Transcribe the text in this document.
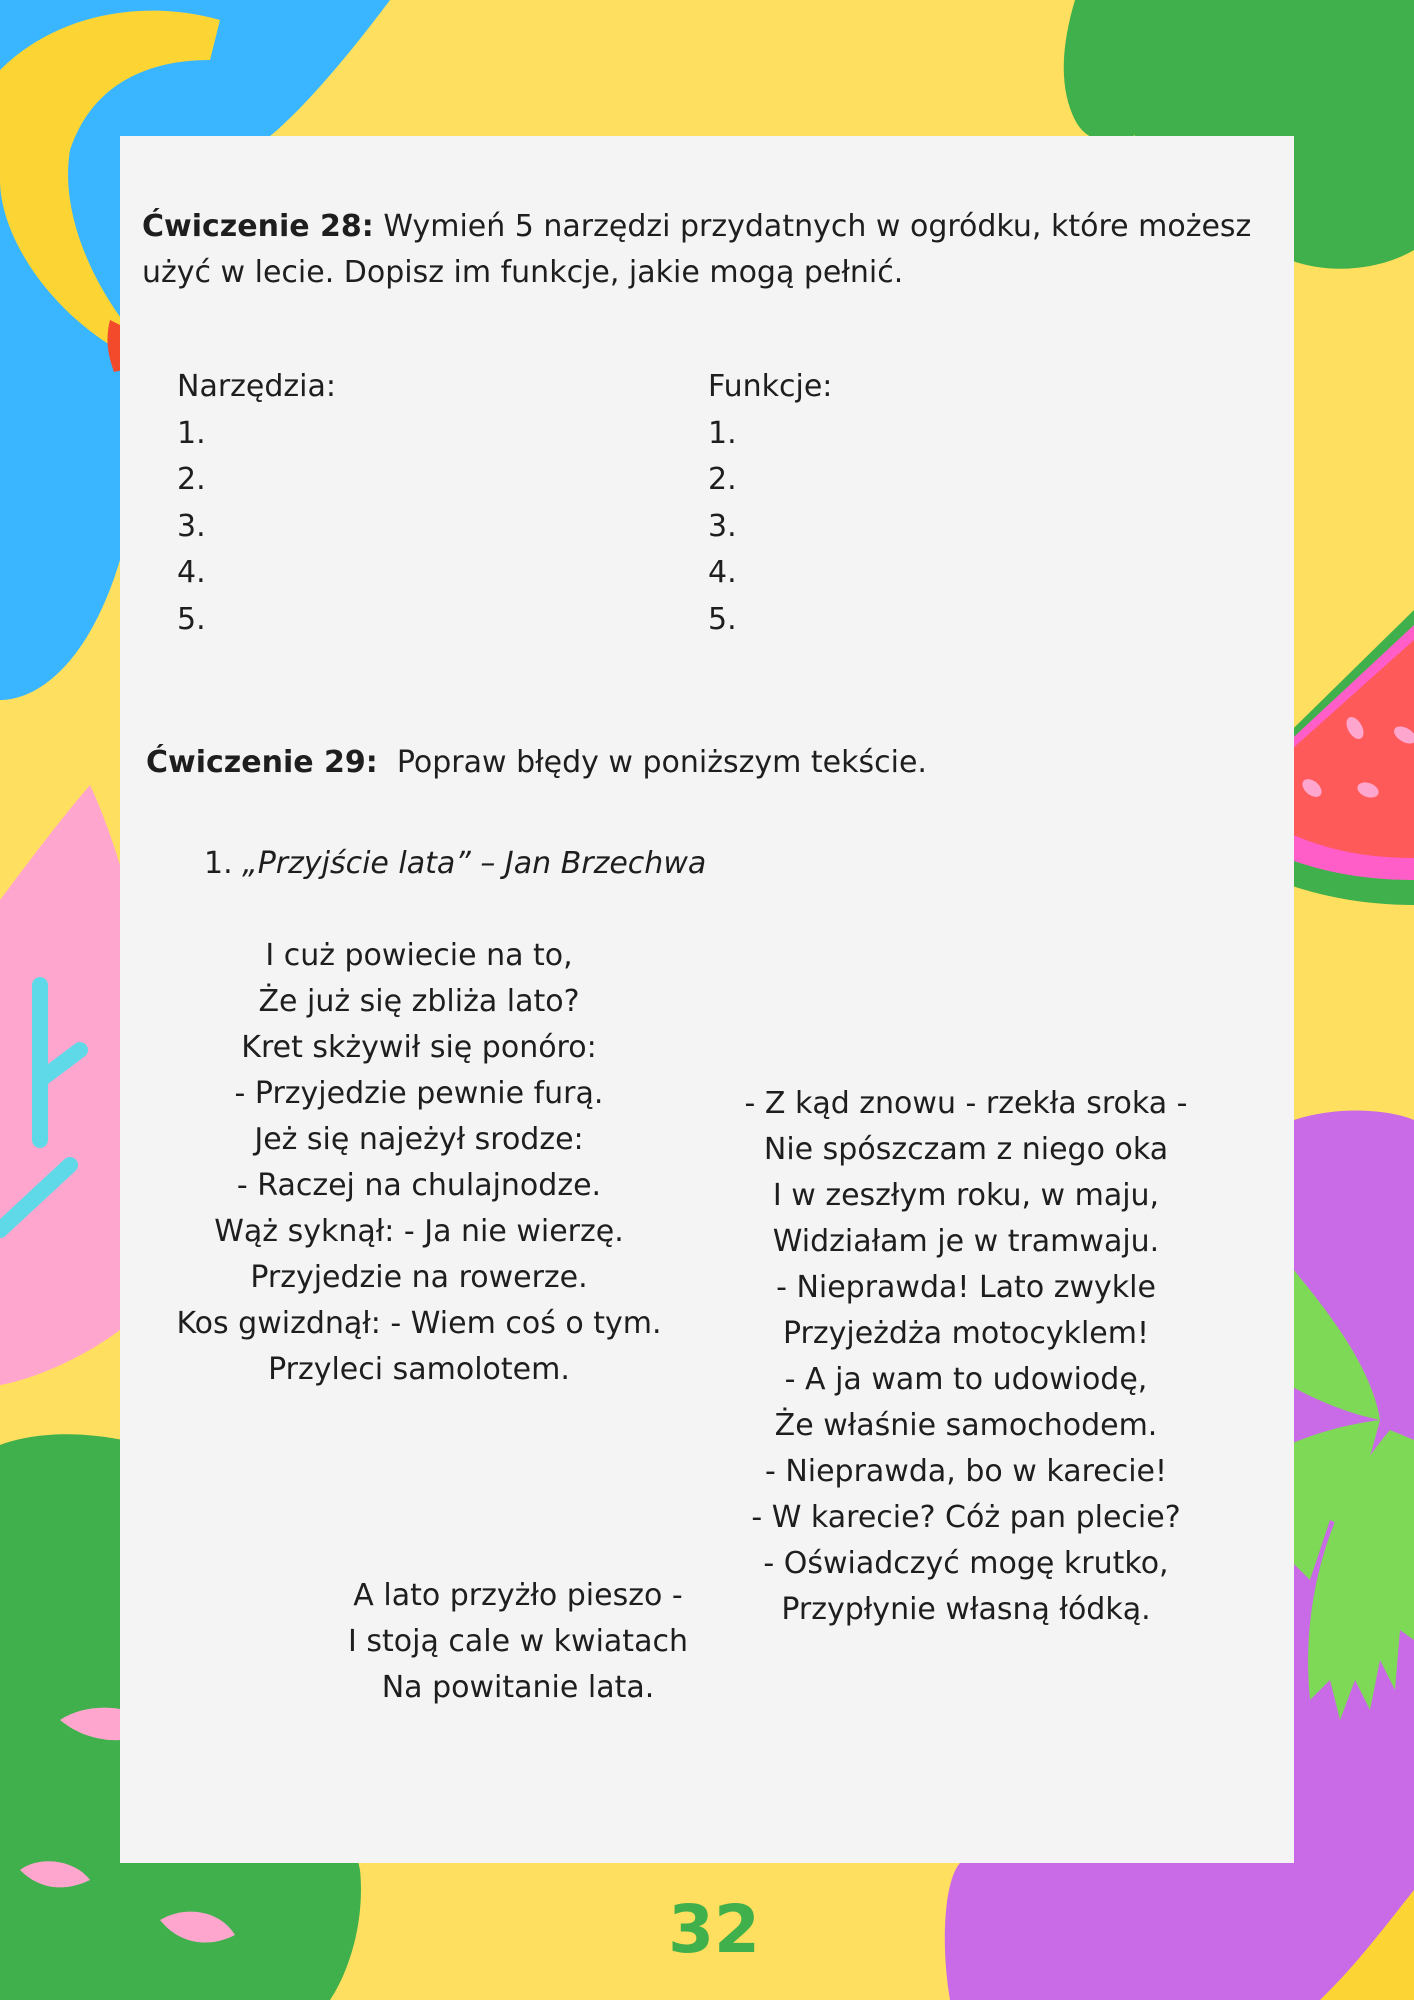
Ćwiczenie 28: Wymień 5 narzędzi przydatnych w ogródku, które możesz użyć w lecie. Dopisz im funkcje, jakie mogą pełnić.

Narzędzia:
1.
2.
3.
4.
5.
Funkcje:
1.
2.
3.
4.
5.

Ćwiczenie 29:  Popraw błędy w poniższym tekście.

1. „Przyjście lata” – Jan Brzechwa
I cuż powiecie na to,
Że już się zbliża lato?
Kret skżywił się ponóro:
- Przyjedzie pewnie furą.
Jeż się najeżył srodze:
- Raczej na chulajnodze.
Wąż syknął: - Ja nie wierzę.
Przyjedzie na rowerze.
Kos gwizdnął: - Wiem coś o tym.
Przyleci samolotem.
- Z kąd znowu - rzekła sroka -
Nie spószczam z niego oka
I w zeszłym roku, w maju,
Widziałam je w tramwaju.
- Nieprawda! Lato zwykle
Przyjeżdża motocyklem!
- A ja wam to udowiodę,
Że właśnie samochodem.
- Nieprawda, bo w karecie!
- W karecie? Cóż pan plecie?
- Oświadczyć mogę krutko,
Przypłynie własną łódką.
A lato przyżło pieszo -
I stoją cale w kwiatach
Na powitanie lata.
32
